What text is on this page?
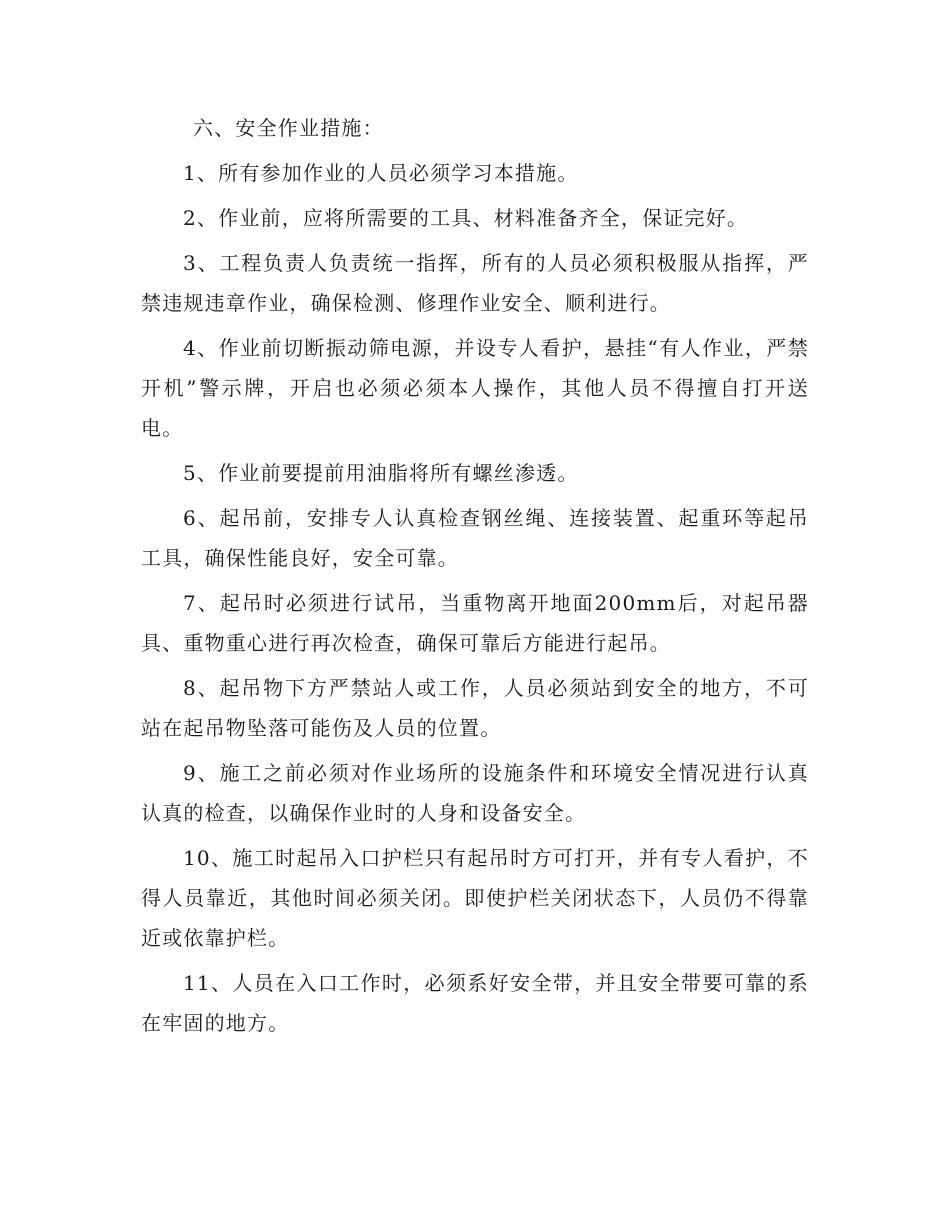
六、安全作业措施：

1、所有参加作业的人员必须学习本措施。

2、作业前，应将所需要的工具、材料准备齐全，保证完好。

3、工程负责人负责统一指挥，所有的人员必须积极服从指挥，严禁违规违章作业，确保检测、修理作业安全、顺利进行。

4、作业前切断振动筛电源，并设专人看护，悬挂“有人作业，严禁开机”警示牌，开启也必须必须本人操作，其他人员不得擅自打开送电。

5、作业前要提前用油脂将所有螺丝渗透。

6、起吊前，安排专人认真检查钢丝绳、连接装置、起重环等起吊工具，确保性能良好，安全可靠。

7、起吊时必须进行试吊，当重物离开地面200mm后，对起吊器具、重物重心进行再次检查，确保可靠后方能进行起吊。

8、起吊物下方严禁站人或工作，人员必须站到安全的地方，不可站在起吊物坠落可能伤及人员的位置。

9、施工之前必须对作业场所的设施条件和环境安全情况进行认真认真的检查，以确保作业时的人身和设备安全。

10、施工时起吊入口护栏只有起吊时方可打开，并有专人看护，不得人员靠近，其他时间必须关闭。即使护栏关闭状态下，人员仍不得靠近或依靠护栏。

11、人员在入口工作时，必须系好安全带，并且安全带要可靠的系在牢固的地方。
